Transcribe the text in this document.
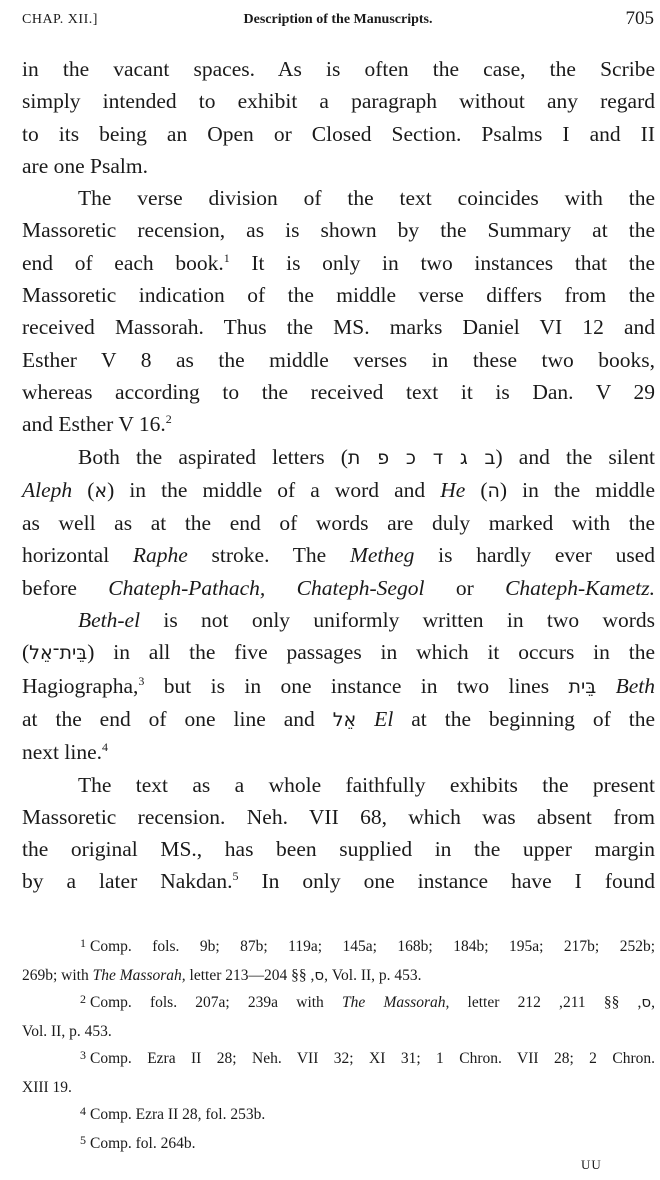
CHAP. XII.]	Description of the Manuscripts.	705
in the vacant spaces. As is often the case, the Scribe
simply intended to exhibit a paragraph without any regard
to its being an Open or Closed Section. Psalms I and II
are one Psalm.
The verse division of the text coincides with the
Massoretic recension, as is shown by the Summary at the
end of each book.$^1$ It is only in two instances that the
Massoretic indication of the middle verse differs from the
received Massorah. Thus the MS. marks Daniel VI 12 and
Esther V 8 as the middle verses in these two books,
whereas according to the received text it is Dan. V 29
and Esther V 16.$^2$
Both the aspirated letters (ב ג ד כ פ ת) and the silent
Aleph (א) in the middle of a word and He (ה) in the middle
as well as at the end of words are duly marked with the
horizontal Raphe stroke. The Metheg is hardly ever used
before Chateph-Pathach, Chateph-Segol or Chateph-Kametz.
Beth-el is not only uniformly written in two words
(בֵּית־אֵל) in all the five passages in which it occurs in the
Hagiographa,$^3$ but is in one instance in two lines בֵּית Beth
at the end of one line and אֵל El at the beginning of the
next line.$^4$
The text as a whole faithfully exhibits the present
Massoretic recension. Neh. VII 68, which was absent from
the original MS., has been supplied in the upper margin
by a later Nakdan.$^5$ In only one instance have I found
$^1$ Comp. fols. 9b; 87b; 119a; 145a; 168b; 184b; 195a; 217b; 252b;
269b; with The Massorah, letter	ס, §§ 204—213, Vol. II, p. 453.
$^2$ Comp. fols. 207a; 239a with The Massorah, letter	ס, §§ 211, 212,
Vol. II, p. 453.
$^3$ Comp. Ezra II 28; Neh. VII 32; XI 31; 1 Chron. VII 28; 2 Chron.
XIII 19.
$^4$ Comp. Ezra II 28, fol. 253b.
$^5$ Comp. fol. 264b.
UU
